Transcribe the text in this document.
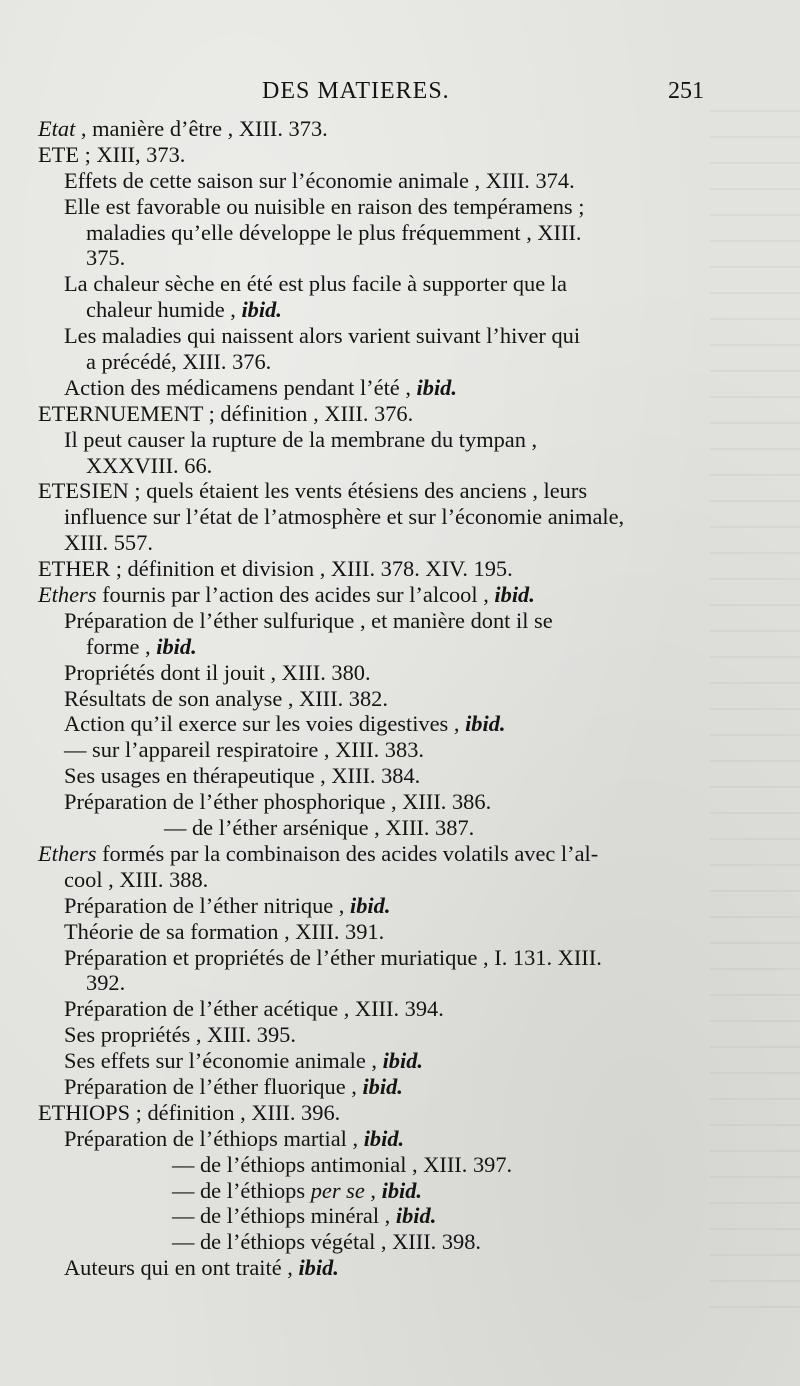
DES MATIERES.	251
Etat , manière d’être , XIII. 373.
ETE ; XIII, 373.
Effets de cette saison sur l’économie animale , XIII. 374.
Elle est favorable ou nuisible en raison des tempéramens ;
maladies qu’elle développe le plus fréquemment , XIII.
375.
La chaleur sèche en été est plus facile à supporter que la
chaleur humide , ibid.
Les maladies qui naissent alors varient suivant l’hiver qui
a précédé, XIII. 376.
Action des médicamens pendant l’été , ibid.
ETERNUEMENT ; définition , XIII. 376.
Il peut causer la rupture de la membrane du tympan ,
XXXVIII. 66.
ETESIEN ; quels étaient les vents étésiens des anciens , leurs
influence sur l’état de l’atmosphère et sur l’économie animale,
XIII. 557.
ETHER ; définition et division , XIII. 378. XIV. 195.
Ethers fournis par l’action des acides sur l’alcool , ibid.
Préparation de l’éther sulfurique , et manière dont il se
forme , ibid.
Propriétés dont il jouit , XIII. 380.
Résultats de son analyse , XIII. 382.
Action qu’il exerce sur les voies digestives , ibid.
— sur l’appareil respiratoire , XIII. 383.
Ses usages en thérapeutique , XIII. 384.
Préparation de l’éther phosphorique , XIII. 386.
— de l’éther arsénique , XIII. 387.
Ethers formés par la combinaison des acides volatils avec l’al-
cool , XIII. 388.
Préparation de l’éther nitrique , ibid.
Théorie de sa formation , XIII. 391.
Préparation et propriétés de l’éther muriatique , I. 131. XIII.
392.
Préparation de l’éther acétique , XIII. 394.
Ses propriétés , XIII. 395.
Ses effets sur l’économie animale , ibid.
Préparation de l’éther fluorique , ibid.
ETHIOPS ; définition , XIII. 396.
Préparation de l’éthiops martial , ibid.
— de l’éthiops antimonial , XIII. 397.
— de l’éthiops per se , ibid.
— de l’éthiops minéral , ibid.
— de l’éthiops végétal , XIII. 398.
Auteurs qui en ont traité , ibid.
